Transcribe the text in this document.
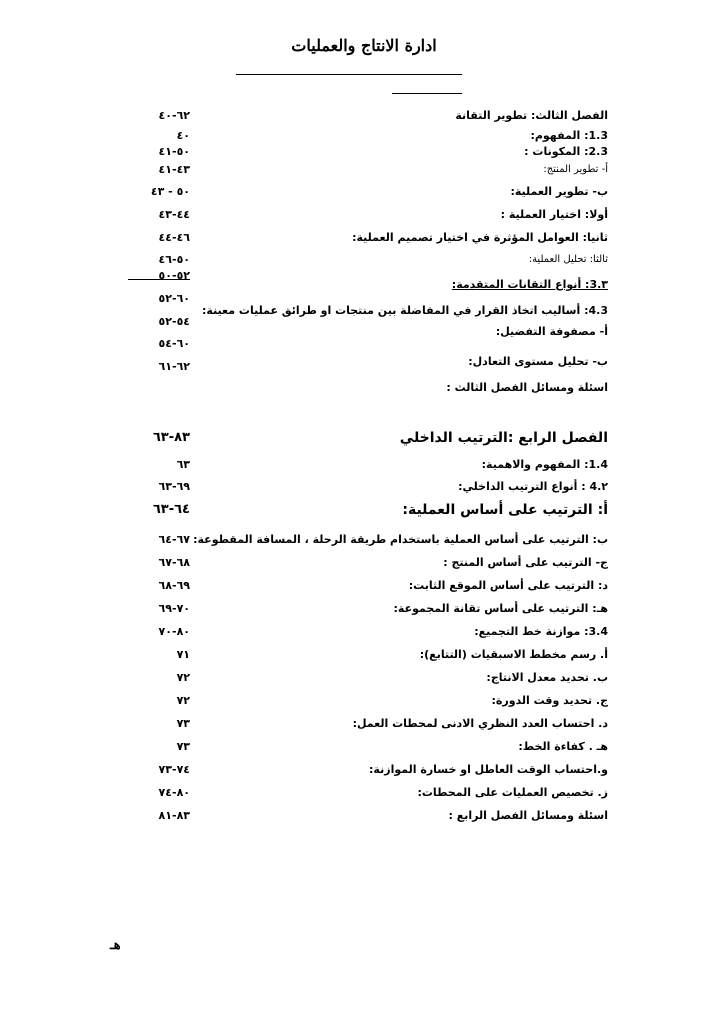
ادارة الانتاج والعمليات
الفصل الثالث: تطوير التقانة
٦٢-٤٠
1.3: المفهوم:
٤٠
2.3: المكونات :
٥٠-٤١
أ- تطوير المنتج:
٤٣-٤١
ب- تطوير العملية:
٥٠ - ٤٣
أولا: اختيار العملية :
٤٤-٤٣
ثانيا: العوامل المؤثرة في اختيار تصميم العملية:
٤٦-٤٤
ثالثا: تحليل العملية:
٥٠-٤٦
٣.3: أنواع التقانات المتقدمة:
٥٢-٥٠
4.3: أساليب اتخاذ القرار في المفاضلة بين منتجات او طرائق عمليات معينة:
٦٠-٥٢
أ- مصفوفة التفضيل:
٥٤-٥٢
ب- تحليل مستوى التعادل:
٦٠-٥٤
اسئلة ومسائل الفصل الثالث :
٦٢-٦١
الفصل الرابع :الترتيب الداخلي
٨٣-٦٣
1.4: المفهوم والاهمية:
٦٣
٢.4 : أنواع الترتيب الداخلي:
٦٩-٦٣
أ: الترتيب على أساس العملية:
٦٤-٦٣
ب: الترتيب على أساس العملية باستخدام طريقة الرحلة ، المسافة المقطوعة:
٦٧-٦٤
ج- الترتيب على أساس المنتج :
٦٨-٦٧
د: الترتيب على أساس الموقع الثابت:
٦٩-٦٨
هـ: الترتيب على أساس تقانة المجموعة:
٧٠-٦٩
3.4: موازنة خط التجميع:
٨٠-٧٠
أ. رسم مخطط الاسبقيات (التتابع):
٧١
ب. تحديد معدل الانتاج:
٧٢
ج. تحديد وقت الدورة:
٧٢
د. احتساب العدد النظري الادنى لمحطات العمل:
٧٣
هـ . كفاءة الخط:
٧٣
و.احتساب الوقت العاطل او خسارة الموازنة:
٧٤-٧٣
ز. تخصيص العمليات على المحطات:
٨٠-٧٤
اسئلة ومسائل الفصل الرابع :
٨٣-٨١
هـ
